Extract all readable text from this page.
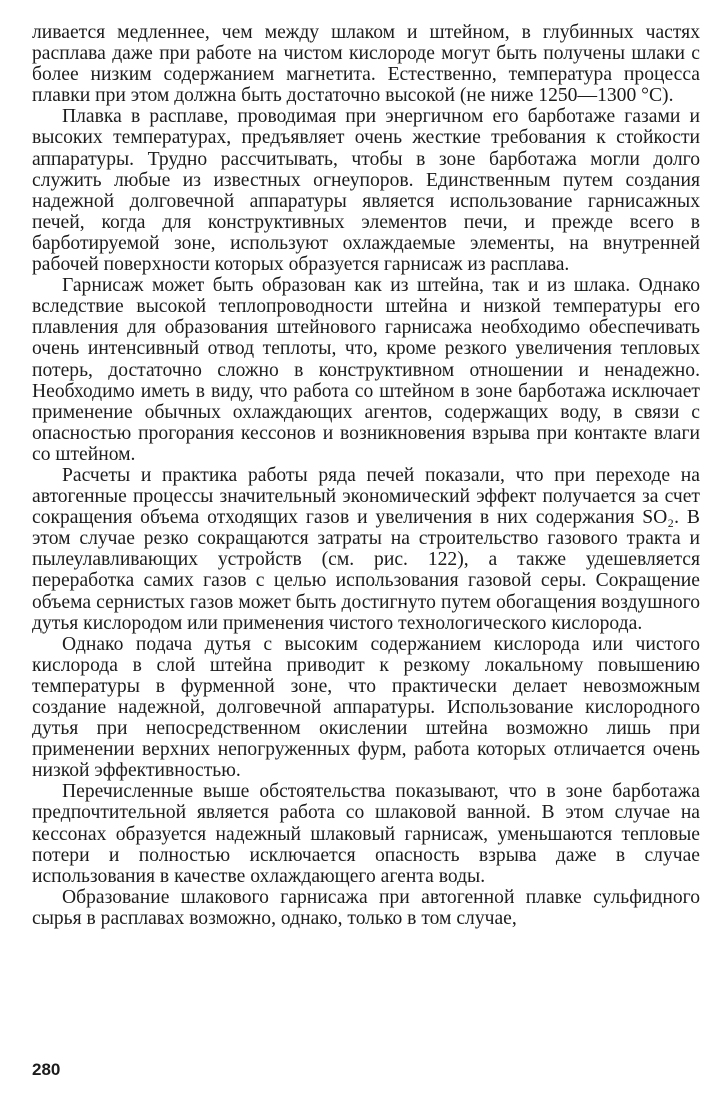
ливается медленнее, чем между шлаком и штейном, в глубинных частях расплава даже при работе на чистом кислороде могут быть получены шлаки с более низким содержанием магнетита. Естественно, температура процесса плавки при этом должна быть достаточно высокой (не ниже 1250—1300 °C).

Плавка в расплаве, проводимая при энергичном его барботаже газами и высоких температурах, предъявляет очень жесткие требования к стойкости аппаратуры. Трудно рассчитывать, чтобы в зоне барботажа могли долго служить любые из известных огнеупоров. Единственным путем создания надежной долговечной аппаратуры является использование гарнисажных печей, когда для конструктивных элементов печи, и прежде всего в барботируемой зоне, используют охлаждаемые элементы, на внутренней рабочей поверхности которых образуется гарнисаж из расплава.

Гарнисаж может быть образован как из штейна, так и из шлака. Однако вследствие высокой теплопроводности штейна и низкой температуры его плавления для образования штейнового гарнисажа необходимо обеспечивать очень интенсивный отвод теплоты, что, кроме резкого увеличения тепловых потерь, достаточно сложно в конструктивном отношении и ненадежно. Необходимо иметь в виду, что работа со штейном в зоне барботажа исключает применение обычных охлаждающих агентов, содержащих воду, в связи с опасностью прогорания кессонов и возникновения взрыва при контакте влаги со штейном.

Расчеты и практика работы ряда печей показали, что при переходе на автогенные процессы значительный экономический эффект получается за счет сокращения объема отходящих газов и увеличения в них содержания SO₂. В этом случае резко сокращаются затраты на строительство газового тракта и пылеулавливающих устройств (см. рис. 122), а также удешевляется переработка самих газов с целью использования газовой серы. Сокращение объема сернистых газов может быть достигнуто путем обогащения воздушного дутья кислородом или применения чистого технологического кислорода.

Однако подача дутья с высоким содержанием кислорода или чистого кислорода в слой штейна приводит к резкому локальному повышению температуры в фурменной зоне, что практически делает невозможным создание надежной, долговечной аппаратуры. Использование кислородного дутья при непосредственном окислении штейна возможно лишь при применении верхних непогруженных фурм, работа которых отличается очень низкой эффективностью.

Перечисленные выше обстоятельства показывают, что в зоне барботажа предпочтительной является работа со шлаковой ванной. В этом случае на кессонах образуется надежный шлаковый гарнисаж, уменьшаются тепловые потери и полностью исключается опасность взрыва даже в случае использования в качестве охлаждающего агента воды.

Образование шлакового гарнисажа при автогенной плавке сульфидного сырья в расплавах возможно, однако, только в том случае,

280
